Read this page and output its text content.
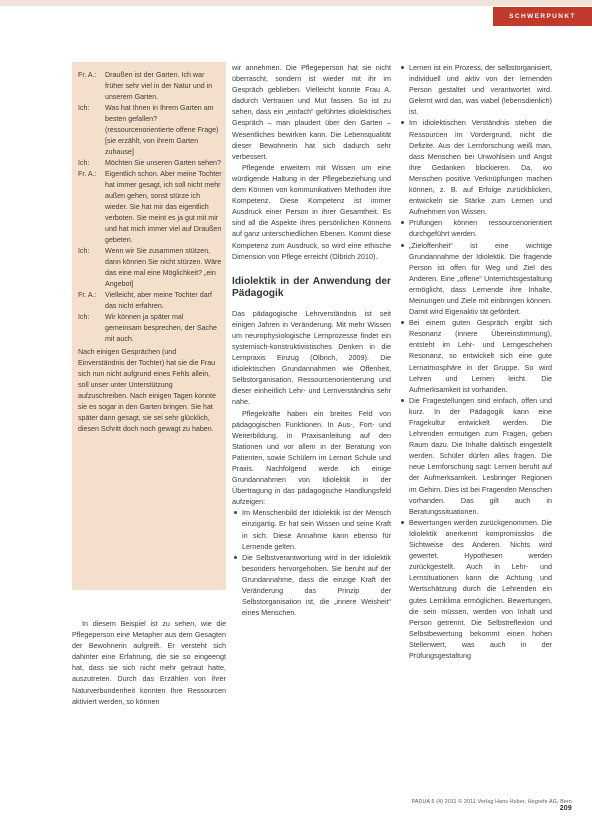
SCHWERPUNKT
Fr. A.:	Draußen ist der Garten. Ich war früher sehr viel in der Natur und in unserem Garten.
Ich:	Was hat Ihnen in Ihrem Garten am besten gefallen? (ressourcenorientierte offene Frage) [sie erzählt, von ihrem Garten zuhause]
Ich:	Möchten Sie unseren Garten sehen?
Fr. A.:	Eigentlich schon. Aber meine Tochter hat immer gesagt, ich soll nicht mehr außen gehen, sonst stürze ich wieder. Sie hat mir das eigentlich verboten. Sie meint es ja gut mit mir und hat mich immer viel auf Draußen gebeten.
Ich:	Wenn wir Sie zusammen stützen, dann können Sie nicht stürzen. Wäre das eine mal eine Möglichkeit? „ein Angebot]
Fr. A.:	Vielleicht, aber meine Tochter darf das nicht erfahren.
Ich:	Wir können ja später mal gemeinsam besprechen, der Sache mit auch.

Nach einigen Gesprächen (und Einverständnis der Tochter) hat sie die Frau sich nun nicht aufgrund eines Fehls allein, soll unser unter Unterstützung aufzuschreiben. Nach einigen Tagen konnte sie es sogar in den Garten bringen. Sie hat später dann gesagt, sie sei sehr glücklich, diesen Schritt doch noch gewagt zu haben.

In diesem Beispiel ist zu sehen, wie die Pflegeperson eine Metapher aus dem Gesagten der Bewohnerin aufgreift. Er versteht sich dahinter eine Erfahrung, die sie so eingeengt hat, dass sie sich nicht mehr getraut hatte, auszutreten. Durch das Erzählen von ihrer Naturverbundenheit konnten Ihre Ressourcen aktiviert werden, so können

wir annehmen. Die Pflegeperson hat sie nicht überrascht, sondern ist wieder mit ihr im Gespräch geblieben. Vielleicht konnte Frau A. dadurch Vertrauen und Mut fassen. So ist zu sehen, dass ein „einfach“ geführtes idiolektisches Gespräch – man plaudert über den Garten – Wesentliches bewirken kann. Die Lebensqualität dieser Bewohnerin hat sich dadurch sehr verbessert.

Pflegende erweitern mit Wissen um eine würdigende Haltung in der Pflegebeziehung und dem Können von kommunikativen Methoden ihre Kompetenz. Diese Kompetenz ist immer Ausdruck einer Person in ihrer Gesamtheit. Es sind all die Aspekte ihres persönlichen Könnens auf ganz unterschiedlichen Ebenen. Kommt diese Kompetenz zum Ausdruck, so wird eine ethische Dimension von Pflege erreicht (Olbrich 2010).

Idiolektik in der Anwendung der Pädagogik

Das pädagogische Lehrverständnis ist seit einigen Jahren in Veränderung. Mit mehr Wissen um neurophysiologische Lernprozesse findet ein systemisch-konstruktivistisches Denken in die Lernpraxis Einzug (Olbrich, 2009). Die idiolektischen Grundannahmen wie Offenheit, Selbstorganisation, Ressourcenorientierung und dieser einheitlich Lehr- und Lernverständnis sehr nahe.

Pflegekräfte haben ein breites Feld von pädagogischen Funktionen. In Aus-, Fort- und Weiterbildung, in Praxisanleitung auf den Stationen und vor allem in der Beratung von Patienten, sowie Schülern im Lernort Schule und Praxis. Nachfolgend werde ich einige Grundannahmen von Idiolektik in der Übertragung in das pädagogische Handlungsfeld aufzeigen:

Im Menschenbild der Idiolektik ist der Mensch einzigartig. Er hat sein Wissen und seine Kraft in sich. Diese Annahme kann ebenso für Lernende gelten.
Die Selbstverantwortung wird in der Idiolektik besonders hervorgehoben. Sie beruht auf der Grundannahme, dass die einzige Kraft der Veränderung das Prinzip der Selbstorganisation ist, die „innere Weisheit“ eines Menschen.
Lernen ist ein Prozess, der selbstorganisiert, individuell und aktiv von der lernenden Person gestaltet und verantwortet wird. Gelernt wird das, was viabel (lebensdienlich) ist.
Im idiolektischen Verständnis stehen die Ressourcen im Vordergrund, nicht die Defizite. Aus der Lernforschung weiß man, dass Menschen bei Unwohlsein und Angst ihre Gedanken blockieren. Da, wo Menschen positive Verknüpfungen machen können, z. B. auf Erfolge zurückblicken, entwickeln sie Stärke zum Lernen und Aufnehmen von Wissen.
Prüfungen können ressourcenorientiert durchgeführt werden.
„Zieloffenheit“ ist eine wichtige Grundannahme der Idiolektik. Die fragende Person ist offen für Weg und Ziel des Anderen. Eine „offene“ Unterrichtsgestaltung ermöglicht, dass Lernende ihre Inhalte, Meinungen und Ziele mit einbringen können. Damit wird Eigenaktiv tät gefördert.
Bei einem guten Gespräch ergibt sich Resonanz (innere Übereinstimmung), entsteht im Lehr- und Lerngeschehen Resonanz, so entwickelt sich eine gute Lernatmosphäre in der Gruppe. So wird Lehren und Lernen leicht. Die Aufmerksamkeit ist vorhanden.
Die Fragestellungen sind einfach, offen und kurz. In der Pädagogik kann eine Fragekultur entwickelt werden. Die Lehrenden ermutigen zum Fragen, geben Raum dazu. Die Inhalte daktisch eingestellt werden. Schüler dürfen alles fragen. Die neue Lernforschung sagt: Lernen beruht auf der Aufmerksamkeit. Lesbringer Regionen im Gehirn. Dies ist bei Fragenden Menschen vorhanden. Das gilt auch in Beratungssituationen.
Bewertungen werden zurückgenommen. Die Idiolektik anerkennt kompromisslos die Sichtweise des Anderen. Nichts wird gewertet. Hypothesen werden zurückgestellt. Auch in Lehr- und Lernsituationen kann die Achtung und Wertschätzung durch die Lehrenden ein gutes Lernklima ermöglichen. Bewertungen, die sein müssen, werden von Inhalt und Person getrennt. Die Selbstreflexion und Selbstbewertung bekommt einen hohen Stellenwert, was auch in der Prüfungsgestaltung
PADUA 6 (4) 2011 © 2011 Verlag Hans Huber, Hogrefe AG, Bern 209
